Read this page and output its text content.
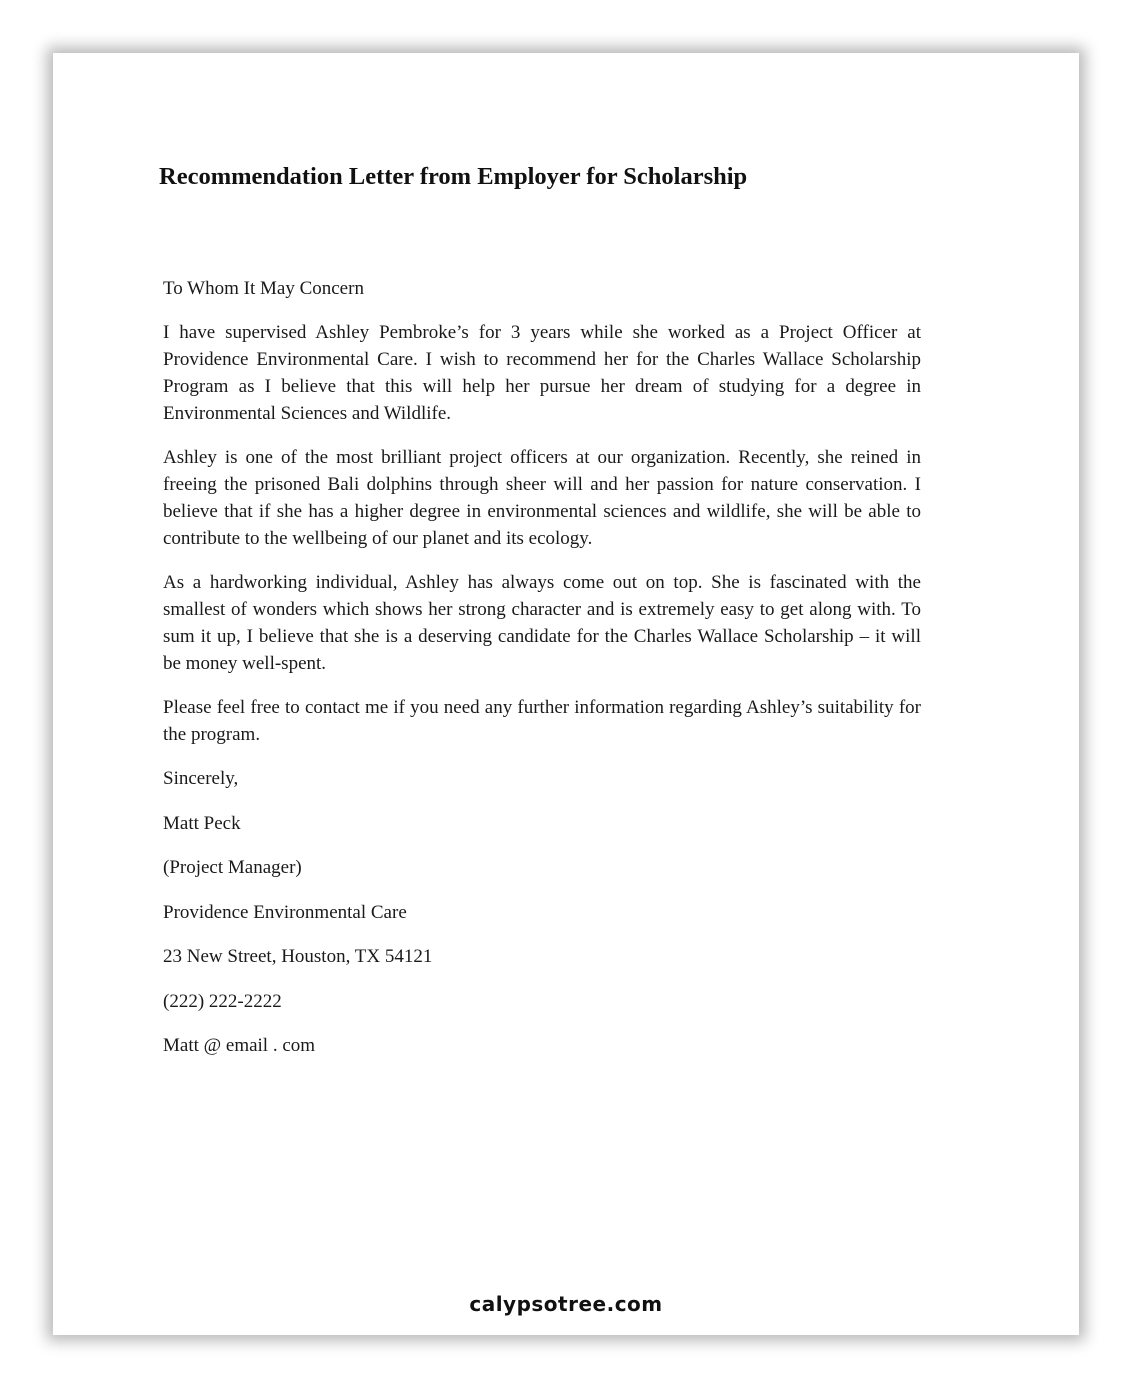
Recommendation Letter from Employer for Scholarship

To Whom It May Concern

I have supervised Ashley Pembroke’s for 3 years while she worked as a Project Officer at Providence Environmental Care. I wish to recommend her for the Charles Wallace Scholarship Program as I believe that this will help her pursue her dream of studying for a degree in Environmental Sciences and Wildlife.

Ashley is one of the most brilliant project officers at our organization. Recently, she reined in freeing the prisoned Bali dolphins through sheer will and her passion for nature conservation. I believe that if she has a higher degree in environmental sciences and wildlife, she will be able to contribute to the wellbeing of our planet and its ecology.

As a hardworking individual, Ashley has always come out on top. She is fascinated with the smallest of wonders which shows her strong character and is extremely easy to get along with. To sum it up, I believe that she is a deserving candidate for the Charles Wallace Scholarship – it will be money well-spent.

Please feel free to contact me if you need any further information regarding Ashley’s suitability for the program.

Sincerely,
Matt Peck
(Project Manager)
Providence Environmental Care
23 New Street, Houston, TX 54121
(222) 222-2222
Matt @ email . com
calypsotree.com
